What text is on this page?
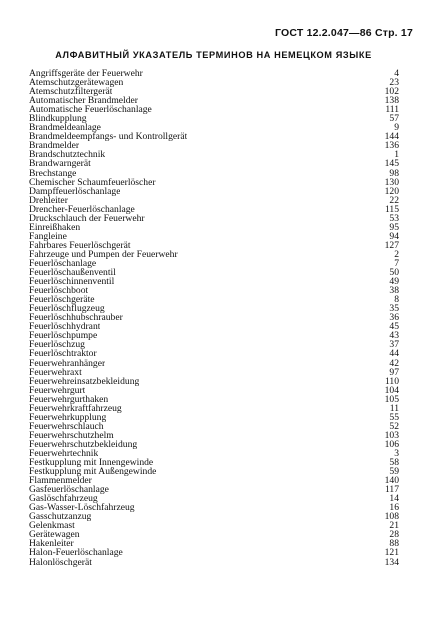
ГОСТ 12.2.047—86 Стр. 17
АЛФАВИТНЫЙ УКАЗАТЕЛЬ ТЕРМИНОВ НА НЕМЕЦКОМ ЯЗЫКЕ
Angriffsgeräte der Feuerwehr	4
Atemschutzgerätewagen	23
Atemschutzfiltergerät	102
Automatischer Brandmelder	138
Automatische Feuerlöschanlage	111
Blindkupplung	57
Brandmeldeanlage	9
Brandmeldeempfangs- und Kontrollgerät	144
Brandmelder	136
Brandschutztechnik	1
Brandwarngerät	145
Brechstange	98
Chemischer Schaumfeuerlöscher	130
Dampffeuerlöschanlage	120
Drehleiter	22
Drencher-Feuerlöschanlage	115
Druckschlauch der Feuerwehr	53
Einreißhaken	95
Fangleine	94
Fahrbares Feuerlöschgerät	127
Fahrzeuge und Pumpen der Feuerwehr	2
Feuerlöschanlage	7
Feuerlöschaußenventil	50
Feuerlöschinnenventil	49
Feuerlöschboot	38
Feuerlöschgeräte	8
Feuerlöschflugzeug	35
Feuerlöschhubschrauber	36
Feuerlöschhydrant	45
Feuerlöschpumpe	43
Feuerlöschzug	37
Feuerlöschtraktor	44
Feuerwehranhänger	42
Feuerwehraxt	97
Feuerwehreinsatzbekleidung	110
Feuerwehrgurt	104
Feuerwehrgurthaken	105
Feuerwehrkraftfahrzeug	11
Feuerwehrkupplung	55
Feuerwehrschlauch	52
Feuerwehrschutzhelm	103
Feuerwehrschutzbekleidung	106
Feuerwehrtechnik	3
Festkupplung mit Innengewinde	58
Festkupplung mit Außengewinde	59
Flammenmelder	140
Gasfeuerlöschanlage	117
Gaslöschfahrzeug	14
Gas-Wasser-Löschfahrzeug	16
Gasschutzanzug	108
Gelenkmast	21
Gerätewagen	28
Hakenleiter	88
Halon-Feuerlöschanlage	121
Halonlöschgerät	134
